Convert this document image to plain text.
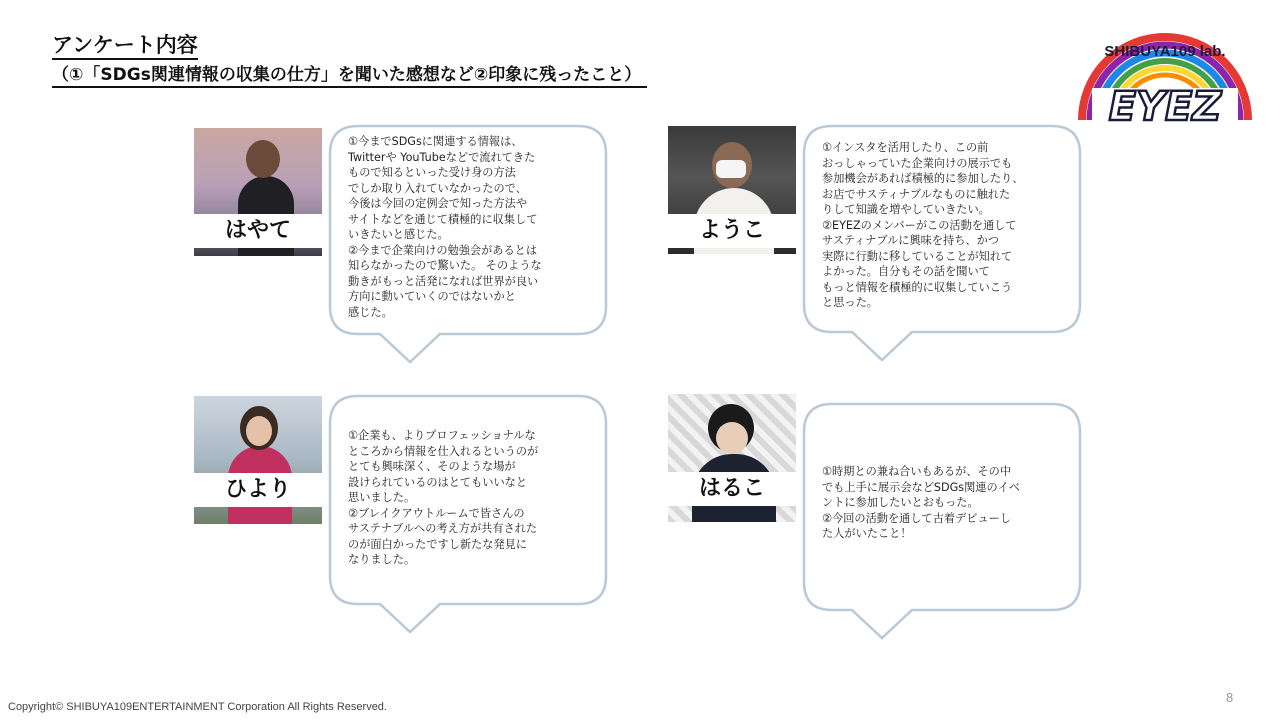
アンケート内容
（①「SDGs関連情報の収集の仕方」を聞いた感想など②印象に残ったこと）
SHIBUYA109 lab.
EYEZ
はやて
①今までSDGsに関連する情報は、
Twitterや YouTubeなどで流れてきた
もので知るといった受け身の方法
でしか取り入れていなかったので、
今後は今回の定例会で知った方法や
サイトなどを通じて積極的に収集して
いきたいと感じた。
②今まで企業向けの勉強会があるとは
知らなかったので驚いた。 そのような
動きがもっと活発になれば世界が良い
方向に動いていくのではないかと
感じた。
ようこ
①インスタを活用したり、この前
おっしゃっていた企業向けの展示でも
参加機会があれば積極的に参加したり、
お店でサスティナブルなものに触れた
りして知識を増やしていきたい。
②EYEZのメンバーがこの活動を通して
サスティナブルに興味を持ち、かつ
実際に行動に移していることが知れて
よかった。自分もその話を聞いて
もっと情報を積極的に収集していこう
と思った。
ひより
①企業も、よりプロフェッショナルな
ところから情報を仕入れるというのが
とても興味深く、そのような場が
設けられているのはとてもいいなと
思いました。
②ブレイクアウトルームで皆さんの
サステナブルへの考え方が共有された
のが面白かったですし新たな発見に
なりました。
はるこ
①時期との兼ね合いもあるが、その中
でも上手に展示会などSDGs関連のイベ
ントに参加したいとおもった。
②今回の活動を通して古着デビューし
た人がいたこと！
Copyright© SHIBUYA109ENTERTAINMENT Corporation All Rights Reserved.
8
